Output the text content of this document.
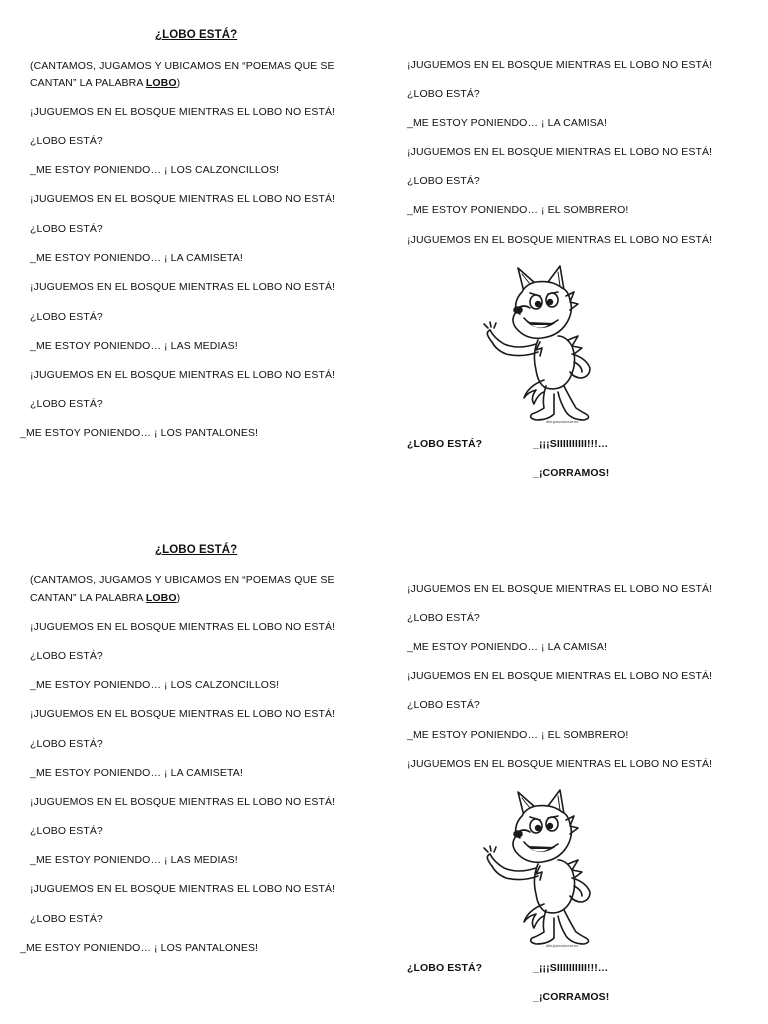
¿LOBO ESTÁ?
(CANTAMOS, JUGAMOS Y UBICAMOS EN “POEMAS QUE SE
CANTAN” LA PALABRA LOBO)
¡JUGUEMOS EN EL BOSQUE MIENTRAS EL LOBO NO ESTÁ!
¿LOBO ESTÁ?
_ME ESTOY PONIENDO… ¡ LOS CALZONCILLOS!
¡JUGUEMOS EN EL BOSQUE MIENTRAS EL LOBO NO ESTÁ!
¿LOBO ESTÁ?
_ME ESTOY PONIENDO… ¡ LA CAMISETA!
¡JUGUEMOS EN EL BOSQUE MIENTRAS EL LOBO NO ESTÁ!
¿LOBO ESTÁ?
_ME ESTOY PONIENDO… ¡ LAS MEDIAS!
¡JUGUEMOS EN EL BOSQUE MIENTRAS EL LOBO NO ESTÁ!
¿LOBO ESTÁ?
_ME ESTOY PONIENDO… ¡ LOS PANTALONES!
¡JUGUEMOS EN EL BOSQUE MIENTRAS EL LOBO NO ESTÁ!
¿LOBO ESTÁ?
_ME ESTOY PONIENDO… ¡ LA CAMISA!
¡JUGUEMOS EN EL BOSQUE MIENTRAS EL LOBO NO ESTÁ!
¿LOBO ESTÁ?
_ME ESTOY PONIENDO… ¡ EL SOMBRERO!
¡JUGUEMOS EN EL BOSQUE MIENTRAS EL LOBO NO ESTÁ!
dibujoscolorear.es
¿LOBO ESTÁ?	_¡¡¡SIIIIIIIIII!!!…
_¡CORRAMOS!
¿LOBO ESTÁ?
(CANTAMOS, JUGAMOS Y UBICAMOS EN “POEMAS QUE SE
CANTAN” LA PALABRA LOBO)
¡JUGUEMOS EN EL BOSQUE MIENTRAS EL LOBO NO ESTÁ!
¿LOBO ESTÁ?
_ME ESTOY PONIENDO… ¡ LOS CALZONCILLOS!
¡JUGUEMOS EN EL BOSQUE MIENTRAS EL LOBO NO ESTÁ!
¿LOBO ESTÁ?
_ME ESTOY PONIENDO… ¡ LA CAMISETA!
¡JUGUEMOS EN EL BOSQUE MIENTRAS EL LOBO NO ESTÁ!
¿LOBO ESTÁ?
_ME ESTOY PONIENDO… ¡ LAS MEDIAS!
¡JUGUEMOS EN EL BOSQUE MIENTRAS EL LOBO NO ESTÁ!
¿LOBO ESTÁ?
_ME ESTOY PONIENDO… ¡ LOS PANTALONES!
¡JUGUEMOS EN EL BOSQUE MIENTRAS EL LOBO NO ESTÁ!
¿LOBO ESTÁ?
_ME ESTOY PONIENDO… ¡ LA CAMISA!
¡JUGUEMOS EN EL BOSQUE MIENTRAS EL LOBO NO ESTÁ!
¿LOBO ESTÁ?
_ME ESTOY PONIENDO… ¡ EL SOMBRERO!
¡JUGUEMOS EN EL BOSQUE MIENTRAS EL LOBO NO ESTÁ!
dibujoscolorear.es
¿LOBO ESTÁ?	_¡¡¡SIIIIIIIIII!!!…
_¡CORRAMOS!
